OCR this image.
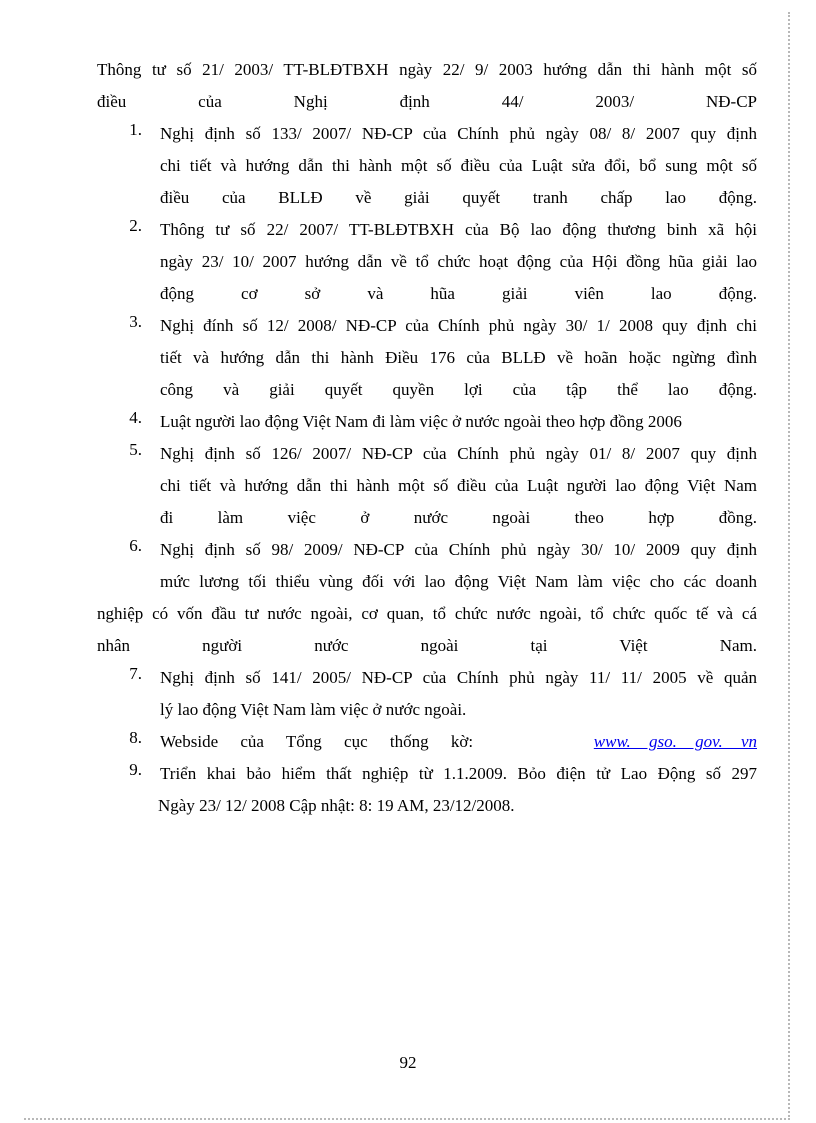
Thông tư số 21/ 2003/ TT-BLĐTBXH ngày 22/ 9/ 2003 hướng dẫn thi hành một số
điều của Nghị định 44/ 2003/ NĐ-CP
1. Nghị định số 133/ 2007/ NĐ-CP của Chính phủ ngày 08/ 8/ 2007 quy định
chi tiết và hướng dẫn thi hành một số điều của Luật sửa đổi, bổ sung một số
điều của BLLĐ về giải quyết tranh chấp lao động.
2. Thông tư số 22/ 2007/ TT-BLĐTBXH của Bộ lao động thương binh xã hội
ngày 23/ 10/ 2007 hướng dẫn về tổ chức hoạt động của Hội đồng hũa giải lao
động cơ sở và hũa giải viên lao động.
3. Nghị đính số 12/ 2008/ NĐ-CP của Chính phủ ngày 30/ 1/ 2008 quy định chi
tiết và hướng dẫn thi hành Điều 176 của BLLĐ về hoãn hoặc ngừng đình
công và giải quyết quyền lợi của tập thể lao động.
4. Luật người lao động Việt Nam đi làm việc ở nước ngoài theo hợp đồng 2006
5. Nghị định số 126/ 2007/ NĐ-CP của Chính phủ ngày 01/ 8/ 2007 quy định
chi tiết và hướng dẫn thi hành một số điều của Luật người lao động Việt Nam
đi làm việc ở nước ngoài theo hợp đồng.
6. Nghị định số 98/ 2009/ NĐ-CP của Chính phủ ngày 30/ 10/ 2009 quy định
mức lương tối thiểu vùng đối với lao động Việt Nam làm việc cho các doanh
nghiệp có vốn đầu tư nước ngoài, cơ quan, tổ chức nước ngoài, tổ chức quốc tế và cá
nhân người nước ngoài tại Việt Nam.
7. Nghị định số 141/ 2005/ NĐ-CP của Chính phủ ngày 11/ 11/ 2005 về quản
lý lao động Việt Nam làm việc ở nước ngoài.
8. Webside của Tổng cục thống kờ:	www. gso. gov. vn
9. Triển khai bảo hiểm thất nghiệp từ 1.1.2009. Bỏo điện tử Lao Động số 297
Ngày 23/ 12/ 2008 Cập nhật: 8: 19 AM, 23/12/2008.
92
